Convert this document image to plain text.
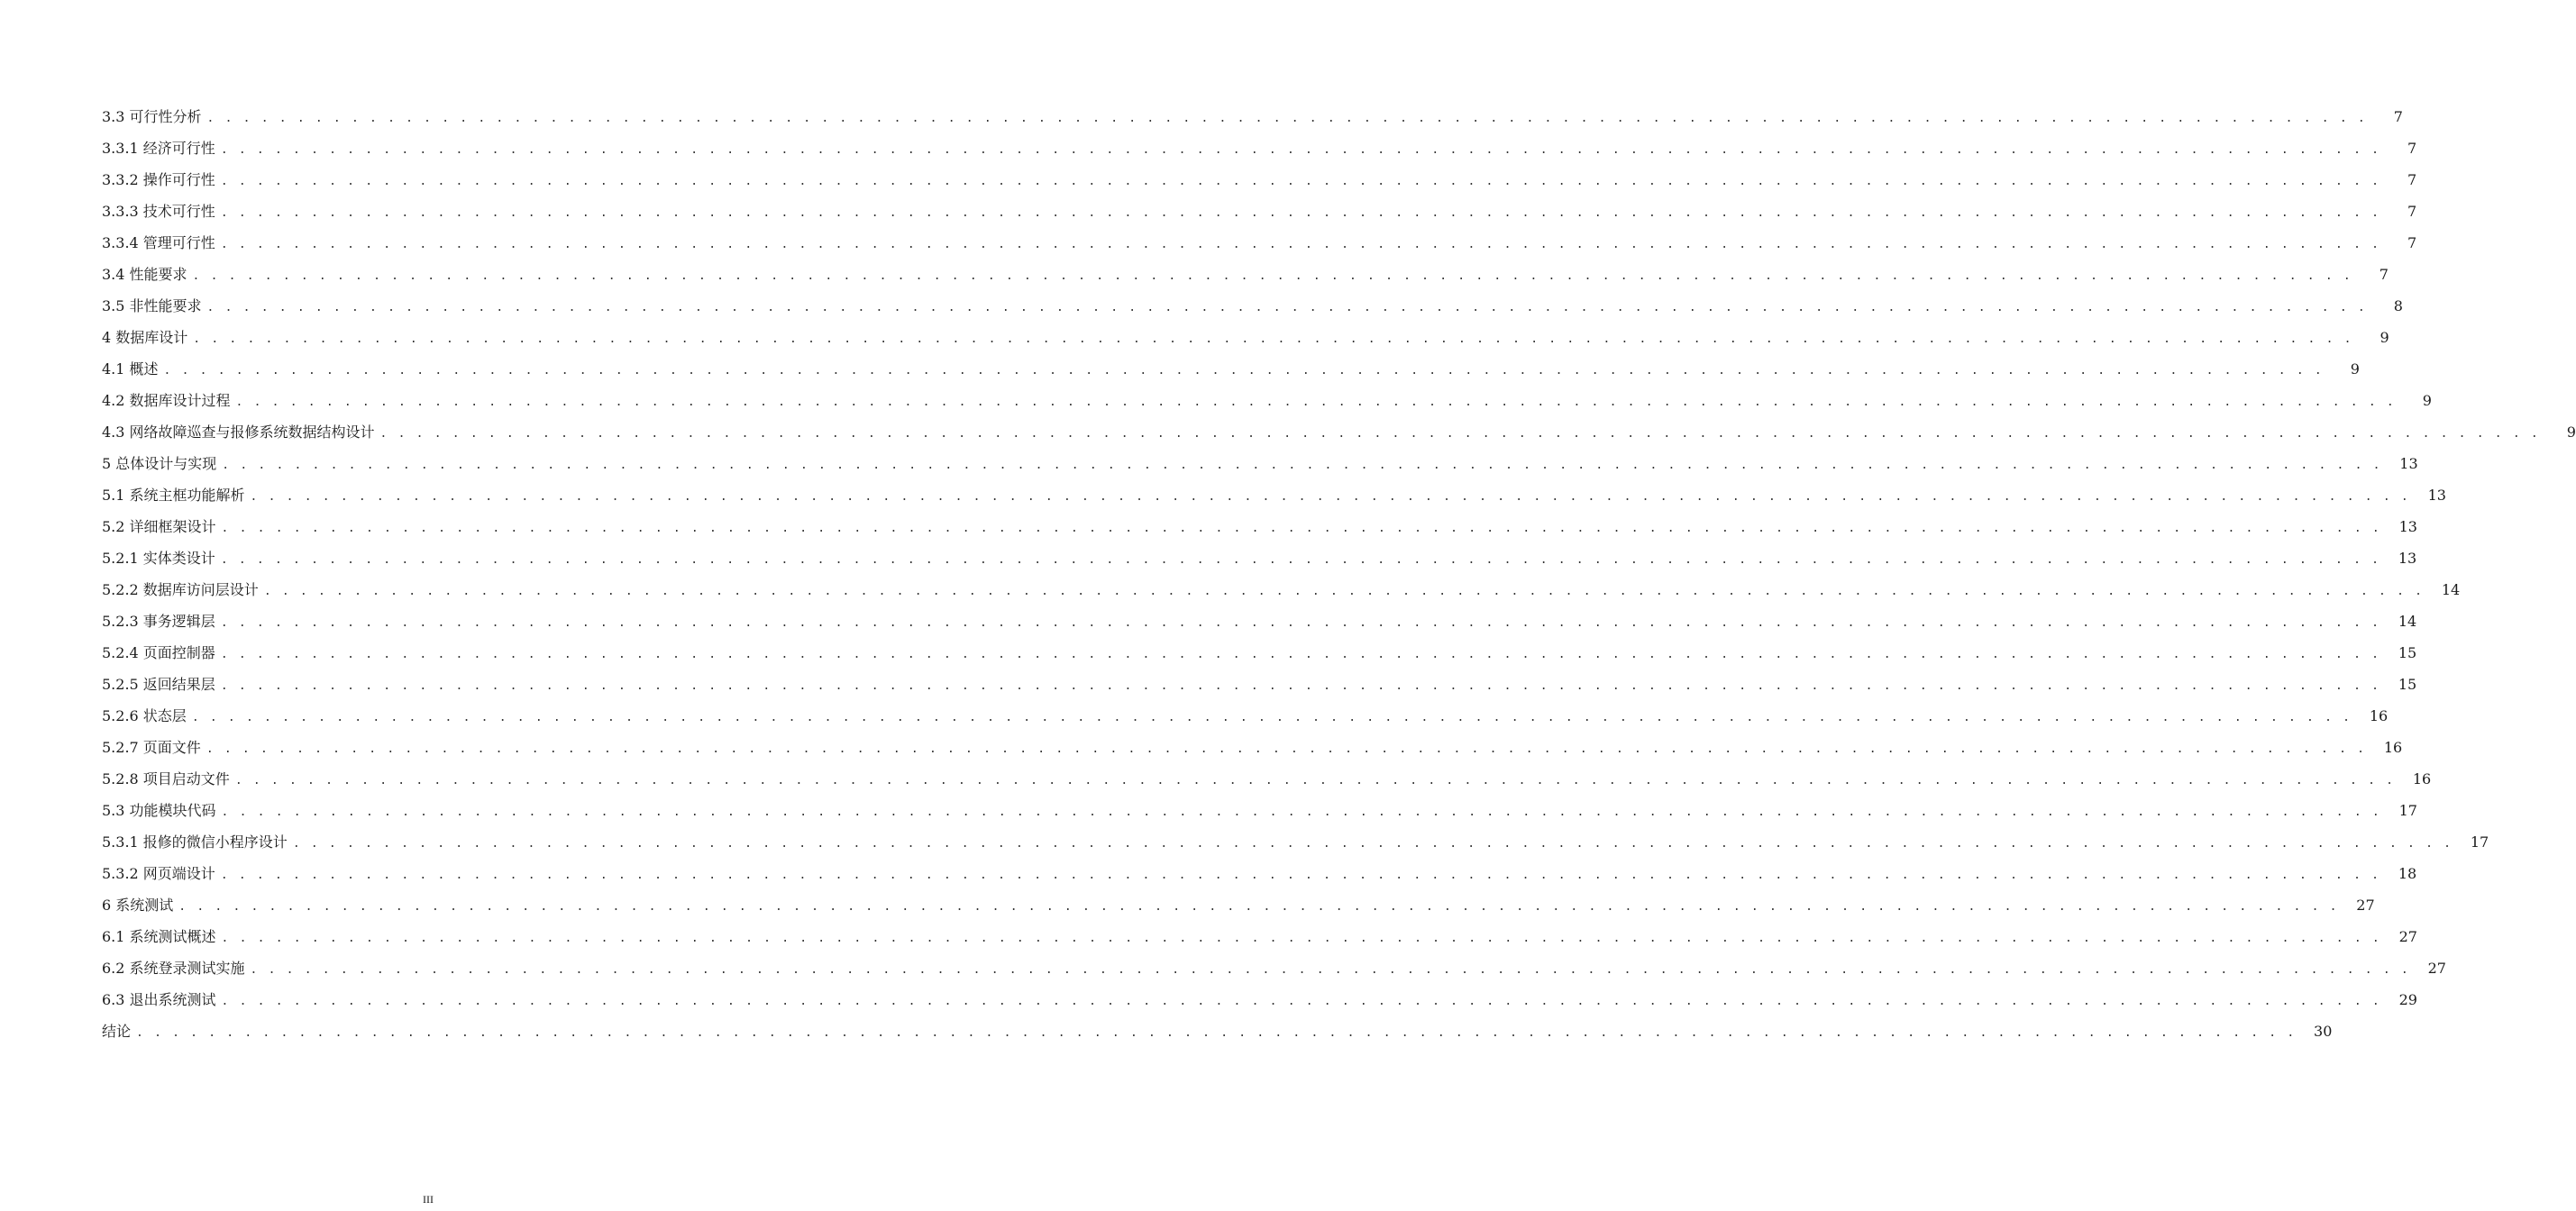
3.3 可行性分析 . . . . . . . . . . . . . . . . . . . . . . . . . . . . . . . . . . . . . . . . . . . . . . . . . . . . . . . . . . . . . . . . . . . . . . . . . . . . . . . . . . . . . . . . . . . . . . . . . . . . . . . . . . . . . . . . . . . . . . . .	7
3.3.1 经济可行性 . . . . . . . . . . . . . . . . . . . . . . . . . . . . . . . . . . . . . . . . . . . . . . . . . . . . . . . . . . . . . . . . . . . . . . . . . . . . . . . . . . . . . . . . . . . . . . . . . . . . . . . . . . . . . . . . . . . . . . . .	7
3.3.2 操作可行性 . . . . . . . . . . . . . . . . . . . . . . . . . . . . . . . . . . . . . . . . . . . . . . . . . . . . . . . . . . . . . . . . . . . . . . . . . . . . . . . . . . . . . . . . . . . . . . . . . . . . . . . . . . . . . . . . . . . . . . . .	7
3.3.3 技术可行性 . . . . . . . . . . . . . . . . . . . . . . . . . . . . . . . . . . . . . . . . . . . . . . . . . . . . . . . . . . . . . . . . . . . . . . . . . . . . . . . . . . . . . . . . . . . . . . . . . . . . . . . . . . . . . . . . . . . . . . . .	7
3.3.4 管理可行性 . . . . . . . . . . . . . . . . . . . . . . . . . . . . . . . . . . . . . . . . . . . . . . . . . . . . . . . . . . . . . . . . . . . . . . . . . . . . . . . . . . . . . . . . . . . . . . . . . . . . . . . . . . . . . . . . . . . . . . . .	7
3.4 性能要求 . . . . . . . . . . . . . . . . . . . . . . . . . . . . . . . . . . . . . . . . . . . . . . . . . . . . . . . . . . . . . . . . . . . . . . . . . . . . . . . . . . . . . . . . . . . . . . . . . . . . . . . . . . . . . . . . . . . . . . . .	7
3.5 非性能要求 . . . . . . . . . . . . . . . . . . . . . . . . . . . . . . . . . . . . . . . . . . . . . . . . . . . . . . . . . . . . . . . . . . . . . . . . . . . . . . . . . . . . . . . . . . . . . . . . . . . . . . . . . . . . . . . . . . . . . . . .	8
4 数据库设计 . . . . . . . . . . . . . . . . . . . . . . . . . . . . . . . . . . . . . . . . . . . . . . . . . . . . . . . . . . . . . . . . . . . . . . . . . . . . . . . . . . . . . . . . . . . . . . . . . . . . . . . . . . . . . . . . . . . . . . . .	9
4.1 概述 . . . . . . . . . . . . . . . . . . . . . . . . . . . . . . . . . . . . . . . . . . . . . . . . . . . . . . . . . . . . . . . . . . . . . . . . . . . . . . . . . . . . . . . . . . . . . . . . . . . . . . . . . . . . . . . . . . . . . . . .	9
4.2 数据库设计过程 . . . . . . . . . . . . . . . . . . . . . . . . . . . . . . . . . . . . . . . . . . . . . . . . . . . . . . . . . . . . . . . . . . . . . . . . . . . . . . . . . . . . . . . . . . . . . . . . . . . . . . . . . . . . . . . . . . . . . . . .	9
4.3 网络故障巡查与报修系统数据结构设计 . . . . . . . . . . . . . . . . . . . . . . . . . . . . . . . . . . . . . . . . . . . . . . . . . . . . . . . . . . . . . . . . . . . . . . . . . . . . . . . . . . . . . . . . . . . . . . . . . . . . . . . . . . . . . . . . . . . . . . . .	9
5 总体设计与实现 . . . . . . . . . . . . . . . . . . . . . . . . . . . . . . . . . . . . . . . . . . . . . . . . . . . . . . . . . . . . . . . . . . . . . . . . . . . . . . . . . . . . . . . . . . . . . . . . . . . . . . . . . . . . . . . . . . . . . . . .	13
5.1 系统主框功能解析 . . . . . . . . . . . . . . . . . . . . . . . . . . . . . . . . . . . . . . . . . . . . . . . . . . . . . . . . . . . . . . . . . . . . . . . . . . . . . . . . . . . . . . . . . . . . . . . . . . . . . . . . . . . . . . . . . . . . . . . .	13
5.2 详细框架设计 . . . . . . . . . . . . . . . . . . . . . . . . . . . . . . . . . . . . . . . . . . . . . . . . . . . . . . . . . . . . . . . . . . . . . . . . . . . . . . . . . . . . . . . . . . . . . . . . . . . . . . . . . . . . . . . . . . . . . . . .	13
5.2.1 实体类设计 . . . . . . . . . . . . . . . . . . . . . . . . . . . . . . . . . . . . . . . . . . . . . . . . . . . . . . . . . . . . . . . . . . . . . . . . . . . . . . . . . . . . . . . . . . . . . . . . . . . . . . . . . . . . . . . . . . . . . . . .	13
5.2.2 数据库访问层设计 . . . . . . . . . . . . . . . . . . . . . . . . . . . . . . . . . . . . . . . . . . . . . . . . . . . . . . . . . . . . . . . . . . . . . . . . . . . . . . . . . . . . . . . . . . . . . . . . . . . . . . . . . . . . . . . . . . . . . . . .	14
5.2.3 事务逻辑层 . . . . . . . . . . . . . . . . . . . . . . . . . . . . . . . . . . . . . . . . . . . . . . . . . . . . . . . . . . . . . . . . . . . . . . . . . . . . . . . . . . . . . . . . . . . . . . . . . . . . . . . . . . . . . . . . . . . . . . . .	14
5.2.4 页面控制器 . . . . . . . . . . . . . . . . . . . . . . . . . . . . . . . . . . . . . . . . . . . . . . . . . . . . . . . . . . . . . . . . . . . . . . . . . . . . . . . . . . . . . . . . . . . . . . . . . . . . . . . . . . . . . . . . . . . . . . . .	15
5.2.5 返回结果层 . . . . . . . . . . . . . . . . . . . . . . . . . . . . . . . . . . . . . . . . . . . . . . . . . . . . . . . . . . . . . . . . . . . . . . . . . . . . . . . . . . . . . . . . . . . . . . . . . . . . . . . . . . . . . . . . . . . . . . . .	15
5.2.6 状态层 . . . . . . . . . . . . . . . . . . . . . . . . . . . . . . . . . . . . . . . . . . . . . . . . . . . . . . . . . . . . . . . . . . . . . . . . . . . . . . . . . . . . . . . . . . . . . . . . . . . . . . . . . . . . . . . . . . . . . . . .	16
5.2.7 页面文件 . . . . . . . . . . . . . . . . . . . . . . . . . . . . . . . . . . . . . . . . . . . . . . . . . . . . . . . . . . . . . . . . . . . . . . . . . . . . . . . . . . . . . . . . . . . . . . . . . . . . . . . . . . . . . . . . . . . . . . . .	16
5.2.8 项目启动文件 . . . . . . . . . . . . . . . . . . . . . . . . . . . . . . . . . . . . . . . . . . . . . . . . . . . . . . . . . . . . . . . . . . . . . . . . . . . . . . . . . . . . . . . . . . . . . . . . . . . . . . . . . . . . . . . . . . . . . . . .	16
5.3 功能模块代码 . . . . . . . . . . . . . . . . . . . . . . . . . . . . . . . . . . . . . . . . . . . . . . . . . . . . . . . . . . . . . . . . . . . . . . . . . . . . . . . . . . . . . . . . . . . . . . . . . . . . . . . . . . . . . . . . . . . . . . . .	17
5.3.1 报修的微信小程序设计 . . . . . . . . . . . . . . . . . . . . . . . . . . . . . . . . . . . . . . . . . . . . . . . . . . . . . . . . . . . . . . . . . . . . . . . . . . . . . . . . . . . . . . . . . . . . . . . . . . . . . . . . . . . . . . . . . . . . . . . .	17
5.3.2 网页端设计 . . . . . . . . . . . . . . . . . . . . . . . . . . . . . . . . . . . . . . . . . . . . . . . . . . . . . . . . . . . . . . . . . . . . . . . . . . . . . . . . . . . . . . . . . . . . . . . . . . . . . . . . . . . . . . . . . . . . . . . .	18
6 系统测试 . . . . . . . . . . . . . . . . . . . . . . . . . . . . . . . . . . . . . . . . . . . . . . . . . . . . . . . . . . . . . . . . . . . . . . . . . . . . . . . . . . . . . . . . . . . . . . . . . . . . . . . . . . . . . . . . . . . . . . . .	27
6.1 系统测试概述 . . . . . . . . . . . . . . . . . . . . . . . . . . . . . . . . . . . . . . . . . . . . . . . . . . . . . . . . . . . . . . . . . . . . . . . . . . . . . . . . . . . . . . . . . . . . . . . . . . . . . . . . . . . . . . . . . . . . . . . .	27
6.2 系统登录测试实施 . . . . . . . . . . . . . . . . . . . . . . . . . . . . . . . . . . . . . . . . . . . . . . . . . . . . . . . . . . . . . . . . . . . . . . . . . . . . . . . . . . . . . . . . . . . . . . . . . . . . . . . . . . . . . . . . . . . . . . . .	27
6.3 退出系统测试 . . . . . . . . . . . . . . . . . . . . . . . . . . . . . . . . . . . . . . . . . . . . . . . . . . . . . . . . . . . . . . . . . . . . . . . . . . . . . . . . . . . . . . . . . . . . . . . . . . . . . . . . . . . . . . . . . . . . . . . .	29
结论 . . . . . . . . . . . . . . . . . . . . . . . . . . . . . . . . . . . . . . . . . . . . . . . . . . . . . . . . . . . . . . . . . . . . . . . . . . . . . . . . . . . . . . . . . . . . . . . . . . . . . . . . . . . . . . . . . . . . . . . .	30
III
